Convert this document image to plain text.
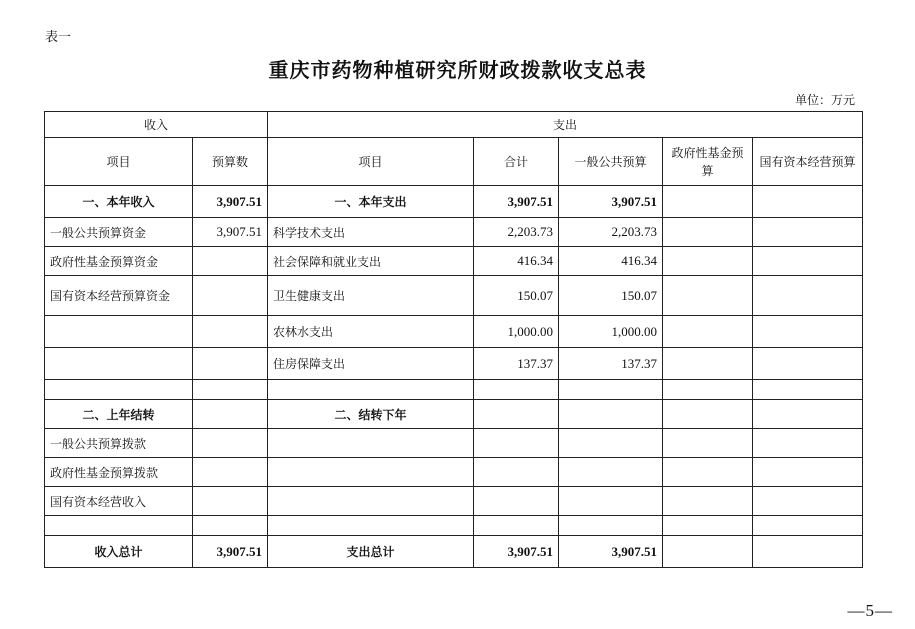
表一
重庆市药物种植研究所财政拨款收支总表
单位：万元
收入		支出				
项目	预算数	项目	合计	一般公共预算	政府性基金预算	国有资本经营预算
一、本年收入	3,907.51	一、本年支出	3,907.51	3,907.51		
一般公共预算资金	3,907.51	科学技术支出	2,203.73	2,203.73		
政府性基金预算资金		社会保障和就业支出	416.34	416.34		
国有资本经营预算资金		卫生健康支出	150.07	150.07		
		农林水支出	1,000.00	1,000.00		
		住房保障支出	137.37	137.37		

二、上年结转		二、结转下年				
一般公共预算拨款						
政府性基金预算拨款						
国有资本经营收入						

收入总计	3,907.51	支出总计	3,907.51	3,907.51		
—5—
